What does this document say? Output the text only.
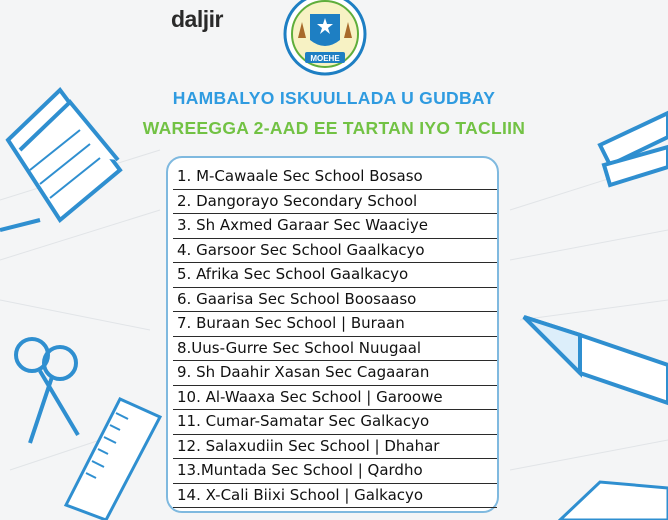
daljir
MOEHE
HAMBALYO ISKUULLADA U GUDBAY
WAREEGGA 2-AAD EE TARTAN IYO TACLIIN
1. M-Cawaale Sec School Bosaso
2. Dangorayo Secondary School
3. Sh Axmed Garaar Sec Waaciye
4. Garsoor Sec School Gaalkacyo
5. Afrika Sec School Gaalkacyo
6. Gaarisa Sec School Boosaaso
7. Buraan Sec School | Buraan
8.Uus-Gurre Sec School Nuugaal
9. Sh Daahir Xasan Sec Cagaaran
10. Al-Waaxa Sec School | Garoowe
11. Cumar-Samatar Sec Galkacyo
12. Salaxudiin Sec School | Dhahar
13.Muntada Sec School | Qardho
14. X-Cali Biixi School | Galkacyo
